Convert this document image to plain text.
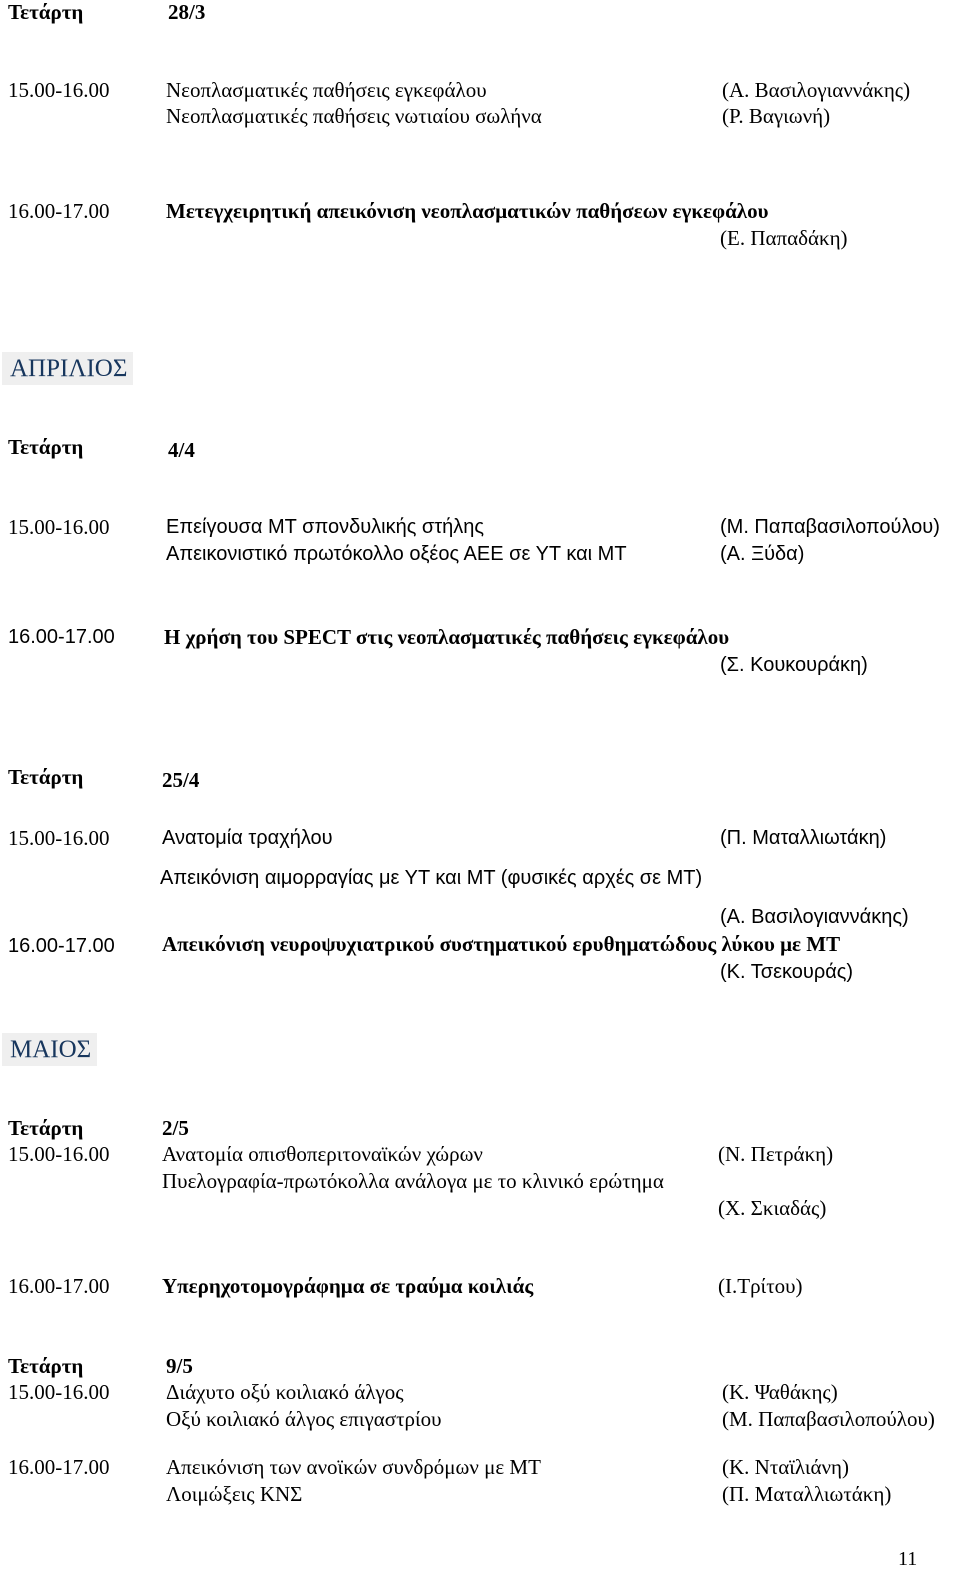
Τετάρτη	28/3
15.00-16.00	Νεοπλασματικές παθήσεις εγκεφάλου	(Α. Βασιλογιαννάκης)
Νεοπλασματικές παθήσεις νωτιαίου σωλήνα	(Ρ. Βαγιωνή)
16.00-17.00	Μετεγχειρητική απεικόνιση νεοπλασματικών παθήσεων εγκεφάλου
(Ε. Παπαδάκη)
ΑΠΡΙΛΙΟΣ
Τετάρτη	4/4
15.00-16.00	Επείγουσα ΜΤ σπονδυλικής στήλης	(Μ. Παπαβασιλοπούλου)
Απεικονιστικό πρωτόκολλο οξέος ΑΕΕ σε ΥΤ και ΜΤ	(Α. Ξύδα)
16.00-17.00 Η χρήση του SPECT στις νεοπλασματικές παθήσεις εγκεφάλου
(Σ. Κουκουράκη)
Τετάρτη	25/4
15.00-16.00	Ανατομία τραχήλου	(Π. Ματαλλιωτάκη)
Απεικόνιση αιμορραγίας με ΥΤ και ΜΤ (φυσικές αρχές σε ΜΤ)
(Α. Βασιλογιαννάκης)
16.00-17.00 Απεικόνιση νευροψυχιατρικού συστηματικού ερυθηματώδους λύκου με ΜΤ
(Κ. Τσεκουράς)
ΜΑΙΟΣ
Τετάρτη	2/5
15.00-16.00	Ανατομία οπισθοπεριτοναϊκών χώρων	(Ν. Πετράκη)
Πυελογραφία-πρωτόκολλα ανάλογα με το κλινικό ερώτημα
(Χ. Σκιαδάς)
16.00-17.00	Υπερηχοτομογράφημα σε τραύμα κοιλιάς	(Ι.Τρίτου)
Τετάρτη	9/5
15.00-16.00	Διάχυτο οξύ κοιλιακό άλγος	(Κ. Ψαθάκης)
Οξύ κοιλιακό άλγος επιγαστρίου	(Μ. Παπαβασιλοπούλου)
16.00-17.00	Απεικόνιση των ανοϊκών συνδρόμων με ΜΤ	(Κ. Νταϊλιάνη)
Λοιμώξεις ΚΝΣ	(Π. Ματαλλιωτάκη)
11
